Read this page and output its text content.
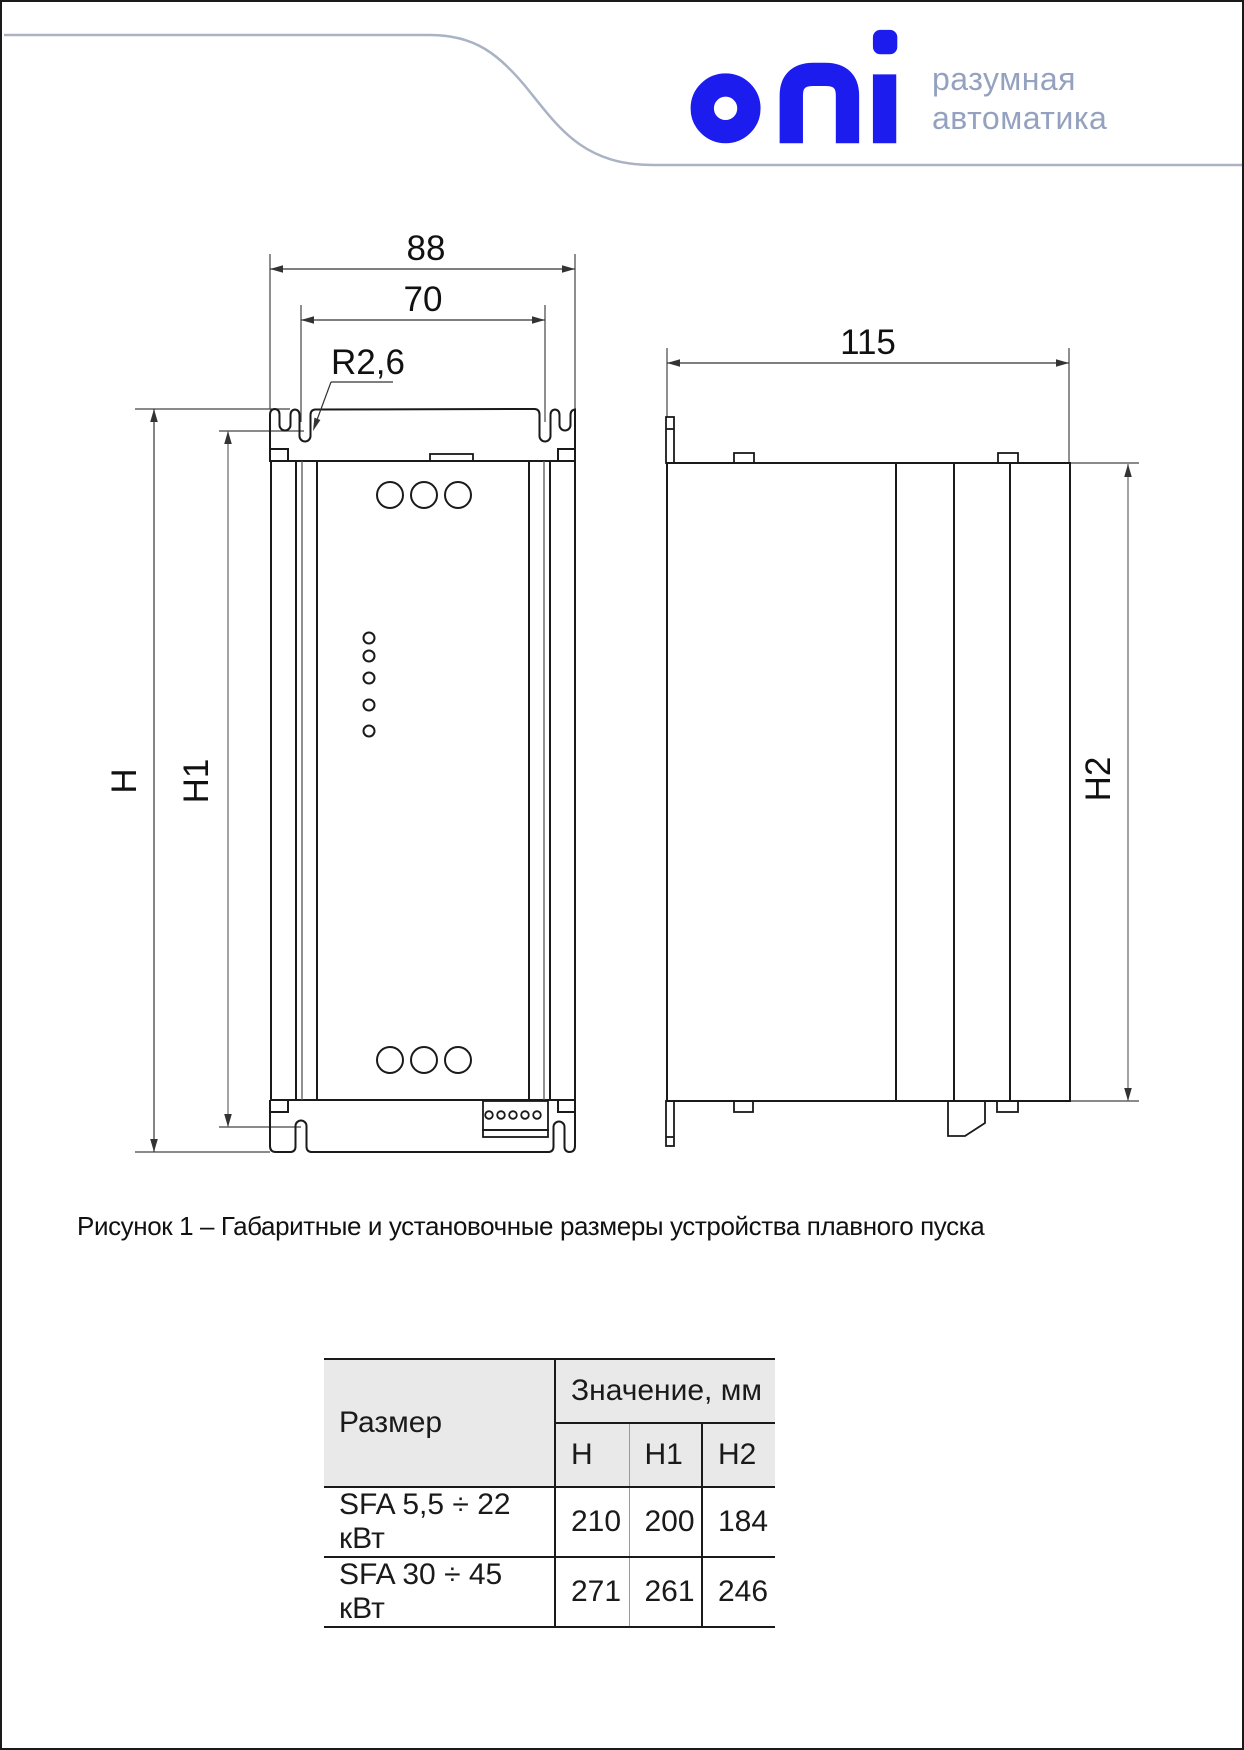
разумная
автоматика
88
70
R2,6
H H1
115
H2
Рисунок 1 – Габаритные и установочные размеры устройства плавного пуска
Размер	Значение, мм		
	H	H1	H2
SFA 5,5 ÷ 22 кВт	210	200	184
SFA 30 ÷ 45 кВт	271	261	246
